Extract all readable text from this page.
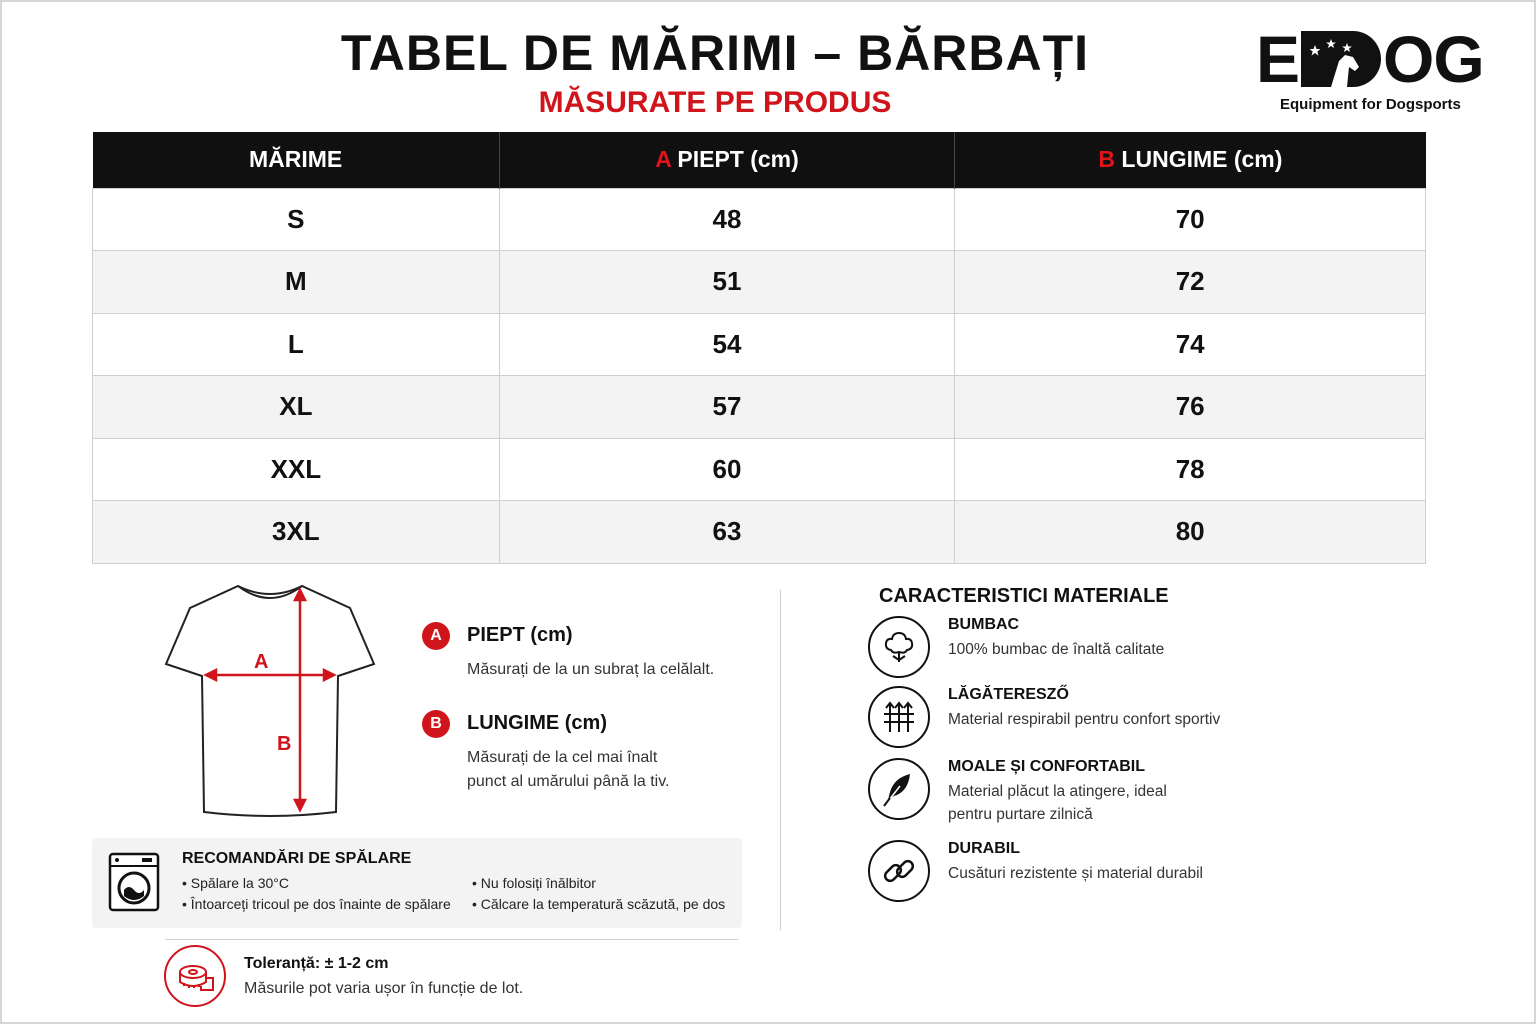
TABEL DE MĂRIMI – BĂRBAȚI
MĂSURATE PE PRODUS
E OG
Equipment for Dogsports
MĂRIME	A PIEPT (cm)	B LUNGIME (cm)
S	48	70
M	51	72
L	54	74
XL	57	76
XXL	60	78
3XL	63	80
A
B
A	PIEPT (cm)
Măsurați de la un subraț la celălalt.
B	LUNGIME (cm)
Măsurați de la cel mai înalt punct al umărului până la tiv.
CARACTERISTICI MATERIALE
BUMBAC
100% bumbac de înaltă calitate
LĂGĂTERESZŐ
Material respirabil pentru confort sportiv
MOALE ȘI CONFORTABIL
Material plăcut la atingere, ideal pentru purtare zilnică
DURABIL
Cusături rezistente și material durabil
RECOMANDĂRI DE SPĂLARE
• Spălare la 30°C
• Întoarceți tricoul pe dos înainte de spălare
• Nu folosiți înălbitor
• Călcare la temperatură scăzută, pe dos
Toleranță: ± 1-2 cm
Măsurile pot varia ușor în funcție de lot.
